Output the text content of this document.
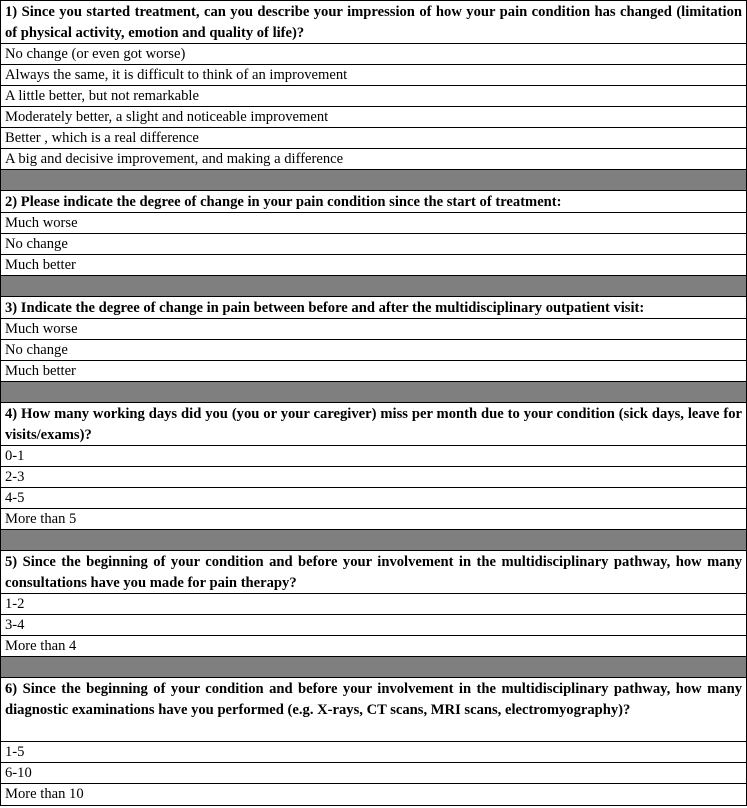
1) Since you started treatment, can you describe your impression of how your pain condition has changed (limitation of physical activity, emotion and quality of life)?
No change (or even got worse)
Always the same, it is difficult to think of an improvement
A little better, but not remarkable
Moderately better, a slight and noticeable improvement
Better , which is a real difference
A big and decisive improvement, and making a difference
2) Please indicate the degree of change in your pain condition since the start of treatment:
Much worse
No change
Much better
3) Indicate the degree of change in pain between before and after the multidisciplinary outpatient visit:
Much worse
No change
Much better
4) How many working days did you (you or your caregiver) miss per month due to your condition (sick days, leave for visits/exams)?
0-1
2-3
4-5
More than 5
5) Since the beginning of your condition and before your involvement in the multidisciplinary pathway, how many consultations have you made for pain therapy?
1-2
3-4
More than 4
6) Since the beginning of your condition and before your involvement in the multidisciplinary pathway, how many diagnostic examinations have you performed (e.g. X-rays, CT scans, MRI scans, electromyography)?
1-5
6-10
More than 10
